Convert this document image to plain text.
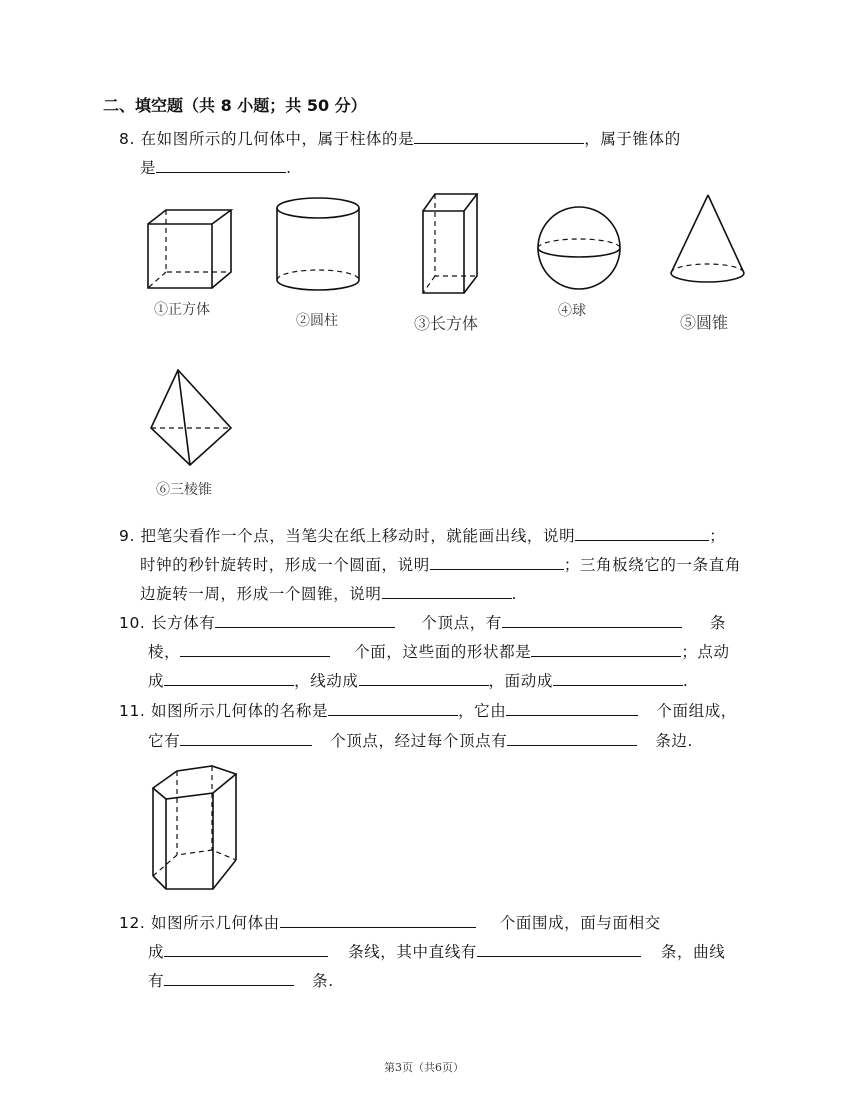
二、填空题（共 8 小题；共 50 分）
8. 在如图所示的几何体中，属于柱体的是	，属于锥体的
是	.
①正方体
②圆柱	③长方体
④球
⑤圆锥
⑥三棱锥
9. 把笔尖看作一个点，当笔尖在纸上移动时，就能画出线，说明	；
时钟的秒针旋转时，形成一个圆面，说明	；三角板绕它的一条直角
边旋转一周，形成一个圆锥，说明	.
10. 长方体有	个顶点，有	条
棱，	个面，这些面的形状都是	；点动
成	，线动成	，面动成	.
11. 如图所示几何体的名称是	，它由	个面组成，
它有	个顶点，经过每个顶点有	条边.
12. 如图所示几何体由	个面围成，面与面相交
成	条线，其中直线有	条，曲线
有	条.
第3页（共6页）
